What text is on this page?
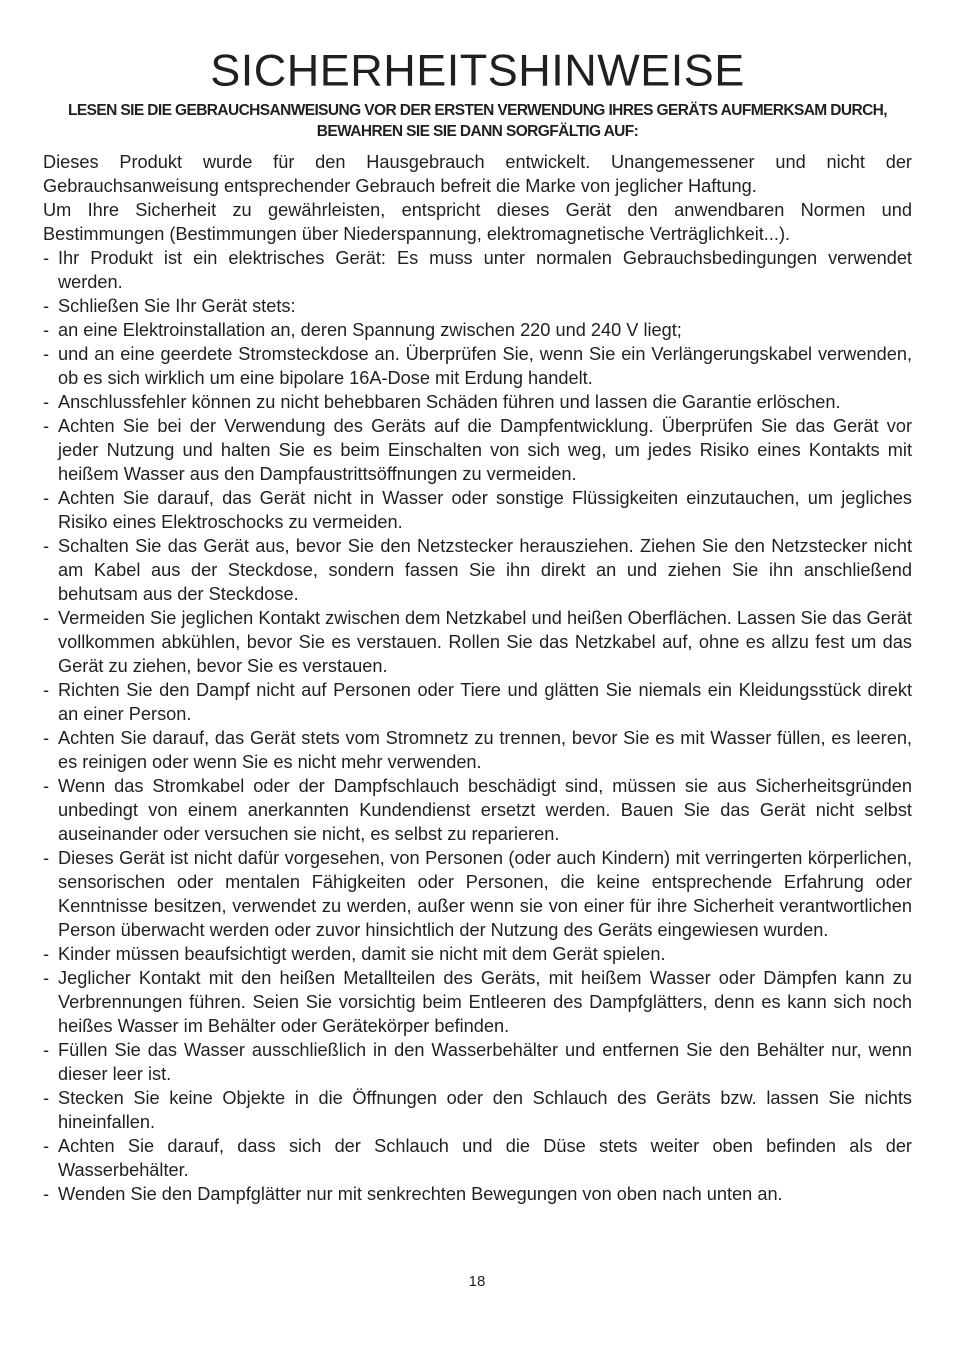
SICHERHEITSHINWEISE
LESEN SIE DIE GEBRAUCHSANWEISUNG VOR DER ERSTEN VERWENDUNG IHRES GERÄTS AUFMERKSAM DURCH,
BEWAHREN SIE SIE DANN SORGFÄLTIG AUF:

Dieses Produkt wurde für den Hausgebrauch entwickelt. Unangemessener und nicht der Gebrauchsanweisung entsprechender Gebrauch befreit die Marke von jeglicher Haftung.

Um Ihre Sicherheit zu gewährleisten, entspricht dieses Gerät den anwendbaren Normen und Bestimmungen (Bestimmungen über Niederspannung, elektromagnetische Verträglichkeit...).

- Ihr Produkt ist ein elektrisches Gerät: Es muss unter normalen Gebrauchsbedingungen verwendet werden.
- Schließen Sie Ihr Gerät stets:
- an eine Elektroinstallation an, deren Spannung zwischen 220 und 240 V liegt;
- und an eine geerdete Stromsteckdose an. Überprüfen Sie, wenn Sie ein Verlängerungskabel verwenden, ob es sich wirklich um eine bipolare 16A-Dose mit Erdung handelt.
- Anschlussfehler können zu nicht behebbaren Schäden führen und lassen die Garantie erlöschen.
- Achten Sie bei der Verwendung des Geräts auf die Dampfentwicklung. Überprüfen Sie das Gerät vor jeder Nutzung und halten Sie es beim Einschalten von sich weg, um jedes Risiko eines Kontakts mit heißem Wasser aus den Dampfaustrittsöffnungen zu vermeiden.
- Achten Sie darauf, das Gerät nicht in Wasser oder sonstige Flüssigkeiten einzutauchen, um jegliches Risiko eines Elektroschocks zu vermeiden.
- Schalten Sie das Gerät aus, bevor Sie den Netzstecker herausziehen. Ziehen Sie den Netzstecker nicht am Kabel aus der Steckdose, sondern fassen Sie ihn direkt an und ziehen Sie ihn anschließend behutsam aus der Steckdose.
- Vermeiden Sie jeglichen Kontakt zwischen dem Netzkabel und heißen Oberflächen. Lassen Sie das Gerät vollkommen abkühlen, bevor Sie es verstauen. Rollen Sie das Netzkabel auf, ohne es allzu fest um das Gerät zu ziehen, bevor Sie es verstauen.
- Richten Sie den Dampf nicht auf Personen oder Tiere und glätten Sie niemals ein Kleidungsstück direkt an einer Person.
- Achten Sie darauf, das Gerät stets vom Stromnetz zu trennen, bevor Sie es mit Wasser füllen, es leeren, es reinigen oder wenn Sie es nicht mehr verwenden.
- Wenn das Stromkabel oder der Dampfschlauch beschädigt sind, müssen sie aus Sicherheitsgründen unbedingt von einem anerkannten Kundendienst ersetzt werden. Bauen Sie das Gerät nicht selbst auseinander oder versuchen sie nicht, es selbst zu reparieren.
- Dieses Gerät ist nicht dafür vorgesehen, von Personen (oder auch Kindern) mit verringerten körperlichen, sensorischen oder mentalen Fähigkeiten oder Personen, die keine entsprechende Erfahrung oder Kenntnisse besitzen, verwendet zu werden, außer wenn sie von einer für ihre Sicherheit verantwortlichen Person überwacht werden oder zuvor hinsichtlich der Nutzung des Geräts eingewiesen wurden.
- Kinder müssen beaufsichtigt werden, damit sie nicht mit dem Gerät spielen.
- Jeglicher Kontakt mit den heißen Metallteilen des Geräts, mit heißem Wasser oder Dämpfen kann zu Verbrennungen führen. Seien Sie vorsichtig beim Entleeren des Dampfglätters, denn es kann sich noch heißes Wasser im Behälter oder Gerätekörper befinden.
- Füllen Sie das Wasser ausschließlich in den Wasserbehälter und entfernen Sie den Behälter nur, wenn dieser leer ist.
- Stecken Sie keine Objekte in die Öffnungen oder den Schlauch des Geräts bzw. lassen Sie nichts hineinfallen.
- Achten Sie darauf, dass sich der Schlauch und die Düse stets weiter oben befinden als der Wasserbehälter.
- Wenden Sie den Dampfglätter nur mit senkrechten Bewegungen von oben nach unten an.
18
